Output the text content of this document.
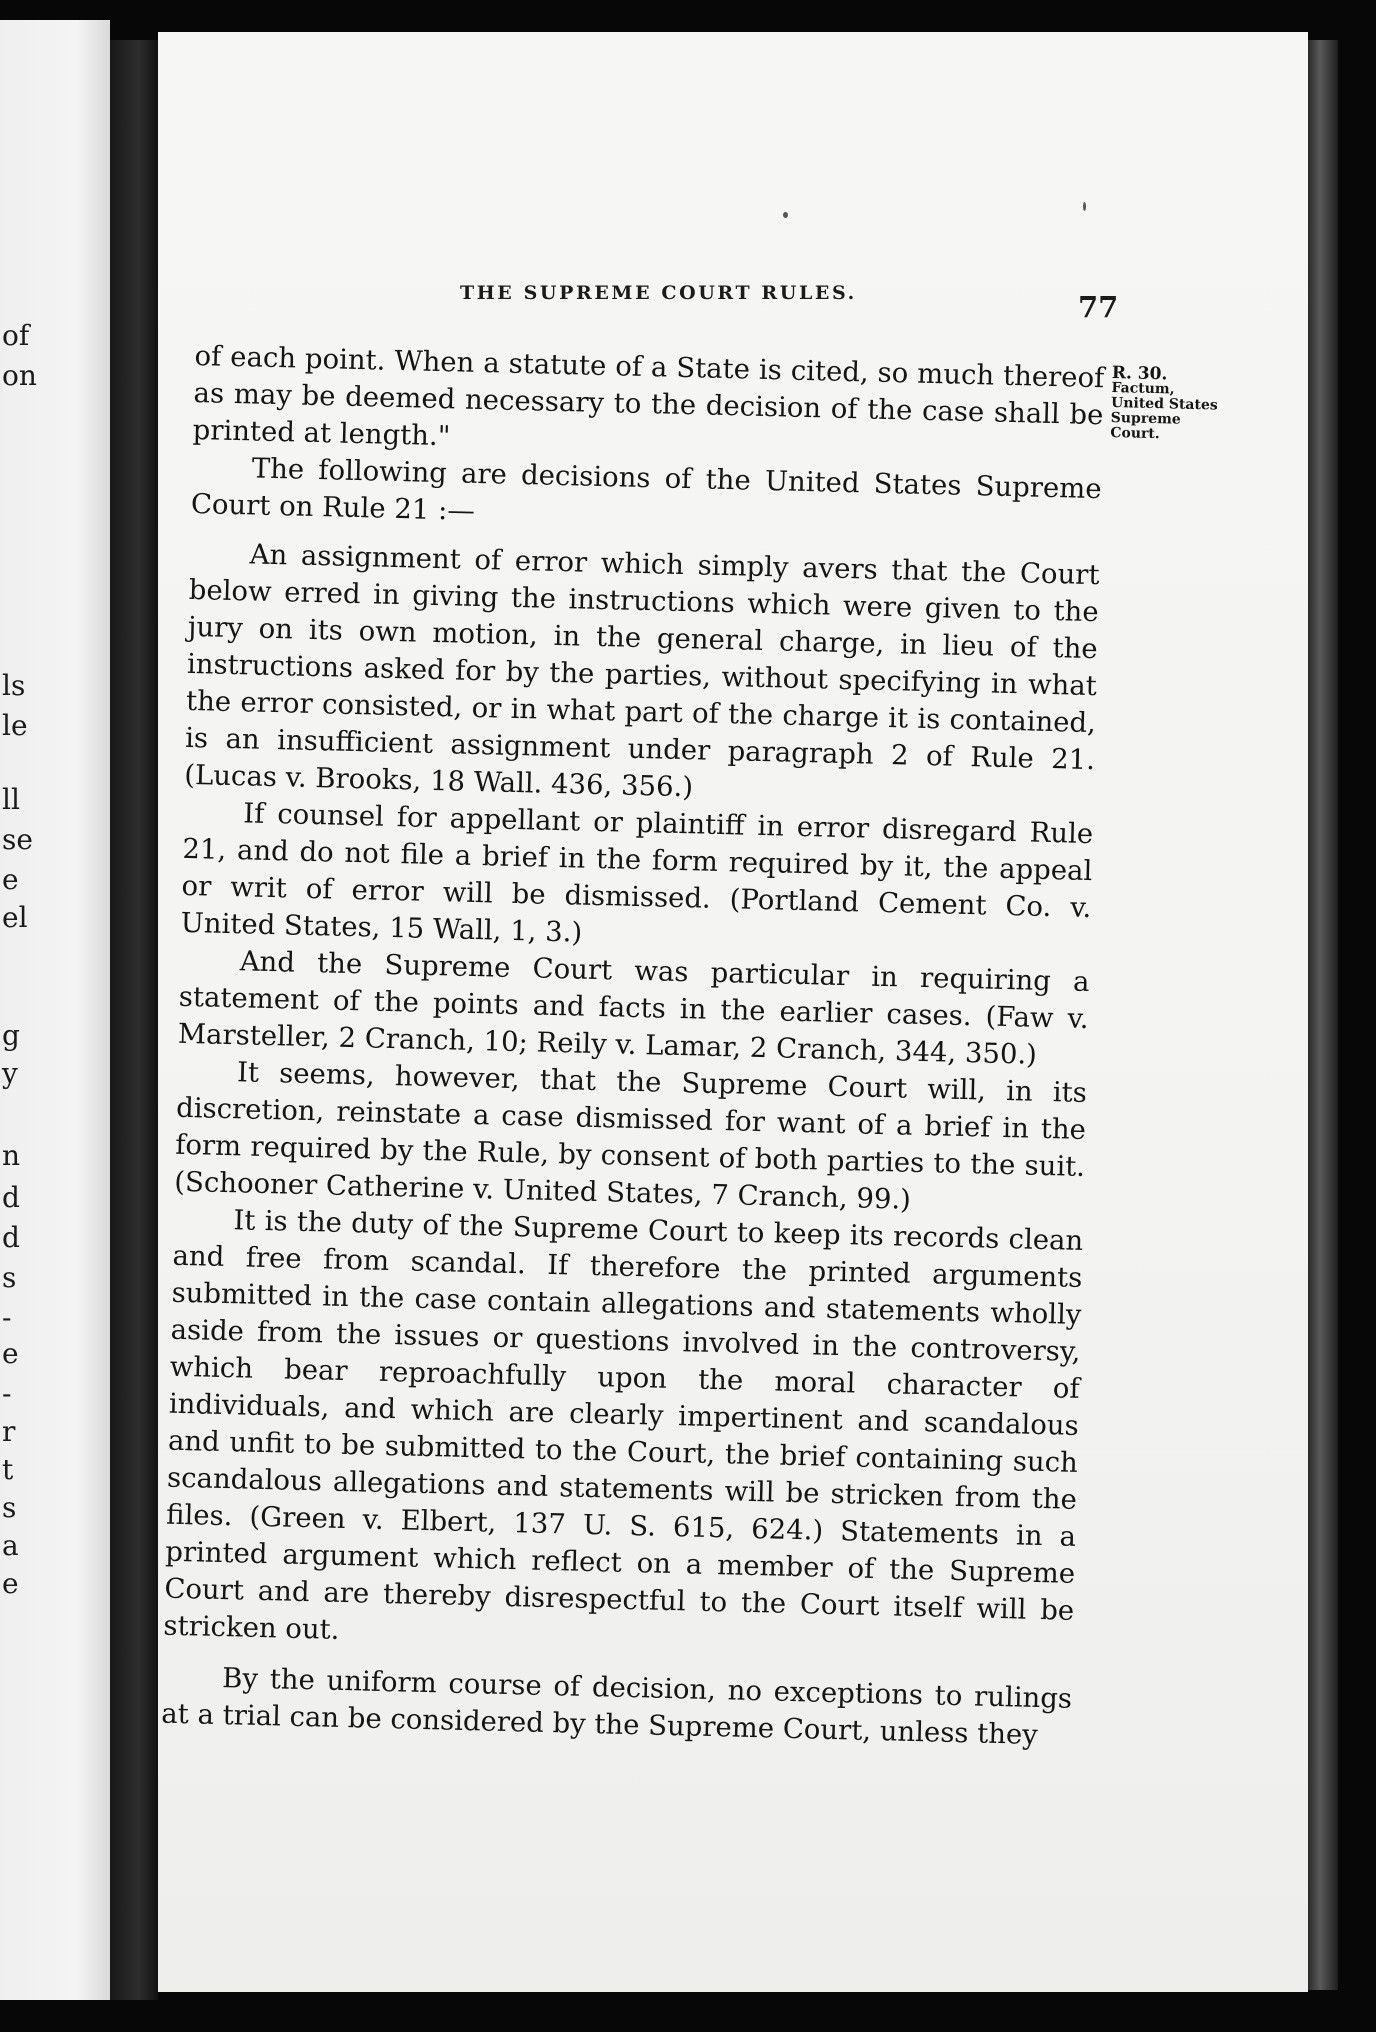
of
on
ls
le
ll
se
e
el
g
y
n
d
d
s
-
e
-
r
t
s
a
e
THE SUPREME COURT RULES.	77
R. 30.
Factum,
United States
Supreme
Court.

of each point. When a statute of a State is cited, so much thereof as may be deemed necessary to the decision of the case shall be printed at length."

The following are decisions of the United States Supreme Court on Rule 21 :—

An assignment of error which simply avers that the Court below erred in giving the instructions which were given to the jury on its own motion, in the general charge, in lieu of the instructions asked for by the parties, without specifying in what the error consisted, or in what part of the charge it is contained, is an insufficient assignment under paragraph 2 of Rule 21. (Lucas v. Brooks, 18 Wall. 436, 356.)

If counsel for appellant or plaintiff in error disregard Rule 21, and do not file a brief in the form required by it, the appeal or writ of error will be dismissed. (Portland Cement Co. v. United States, 15 Wall, 1, 3.)

And the Supreme Court was particular in requiring a statement of the points and facts in the earlier cases. (Faw v. Marsteller, 2 Cranch, 10; Reily v. Lamar, 2 Cranch, 344, 350.)

It seems, however, that the Supreme Court will, in its discretion, reinstate a case dismissed for want of a brief in the form required by the Rule, by consent of both parties to the suit. (Schooner Catherine v. United States, 7 Cranch, 99.)

It is the duty of the Supreme Court to keep its records clean and free from scandal. If therefore the printed arguments submitted in the case contain allegations and statements wholly aside from the issues or questions involved in the controversy, which bear reproachfully upon the moral character of individuals, and which are clearly impertinent and scandalous and unfit to be submitted to the Court, the brief containing such scandalous allegations and statements will be stricken from the files. (Green v. Elbert, 137 U. S. 615, 624.) Statements in a printed argument which reflect on a member of the Supreme Court and are thereby disrespectful to the Court itself will be stricken out.

By the uniform course of decision, no exceptions to rulings at a trial can be considered by the Supreme Court, unless they
